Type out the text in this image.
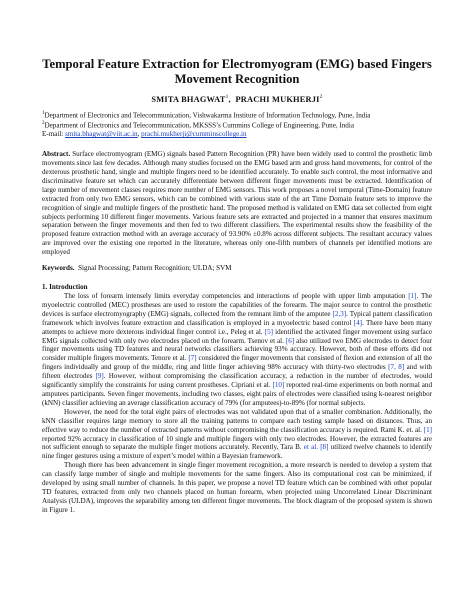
Temporal Feature Extraction for Electromyogram (EMG) based Fingers Movement Recognition
SMITA BHAGWAT$^1$,  PRACHI MUKHERJI$^2$
$^1$Department of Electronics and Telecommunication, Vishwakarma Institute of Information Technology, Pune, India
$^2$Department of Electronics and Telecommunication, MKSSS’s Cummins College of Engineering, Pune, India
E-mail: smita.bhagwat@viit.ac.in, prachi.mukherji@cumminscollege.in

Abstract. Surface electromyogram (EMG) signals based Pattern Recognition (PR) have been widely used to control the prosthetic limb movements since last few decades. Although many studies focused on the EMG based arm and gross hand movements, for control of the dexterous prosthetic hand, single and multiple fingers need to be identified accurately. To enable such control, the most informative and discriminative feature set which can accurately differentiate between different finger movements must be extracted. Identification of large number of movement classes requires more number of EMG sensors. This work proposes a novel temporal (Time-Domain) feature extracted from only two EMG sensors, which can be combined with various state of the art Time Domain feature sets to improve the recognition of single and multiple fingers of the prosthetic hand. The proposed method is validated on EMG data set collected from eight subjects performing 10 different finger movements. Various feature sets are extracted and projected in a manner that ensures maximum separation between the finger movements and then fed to two different classifiers. The experimental results show the feasibility of the proposed feature extraction method with an average accuracy of 93.90% ±0.8% across different subjects. The resultant accuracy values are improved over the existing one reported in the literature, whereas only one-fifth numbers of channels per identified motions are employed

Keywords. Signal Processing; Pattern Recognition; ULDA; SVM
1. Introduction

The loss of forearm intensely limits everyday competencies and interactions of people with upper limb amputation [1]. The myoelectric controlled (MEC) prostheses are used to restore the capabilities of the forearm. The major source to control the prosthetic devices is surface electromyography (EMG) signals, collected from the remnant limb of the amputee [2,3]. Typical pattern classification framework which involves feature extraction and classification is employed in a myoelectric based control [4]. There have been many attempts to achieve more dexterous individual finger control i.e., Peleg et al. [5] identified the activated finger movement using surface EMG signals collected with only two electrodes placed on the forearm. Tsenov et al. [6] also utilized two EMG electrodes to detect four finger movements using TD features and neural networks classifiers achieving 93% accuracy. However, both of these efforts did not consider multiple fingers movements. Tenore et al. [7] considered the finger movements that consisted of flexion and extension of all the fingers individually and group of the middle, ring and little finger achieving 98% accuracy with thirty-two electrodes [7, 8] and with fifteen electrodes [9]. However, without compromising the classification accuracy, a reduction in the number of electrodes, would significantly simplify the constraints for using current prostheses. Cipriani et al. [10] reported real-time experiments on both normal and amputees participants. Seven finger movements, including two classes, eight pairs of electrodes were classified using k-nearest neighbor (kNN) classifier achieving an average classification accuracy of 79% (for amputees)-to-89% (for normal subjects.

However, the need for the total eight pairs of electrodes was not validated upon that of a smaller combination. Additionally, the kNN classifier requires large memory to store all the training patterns to compare each testing sample based on distances. Thus, an effective way to reduce the number of extracted patterns without compromising the classification accuracy is required. Rami K. et. al. [1] reported 92% accuracy in classification of 10 single and multiple fingers with only two electrodes. However, the extracted features are not sufficient enough to separate the multiple finger motions accurately. Recently, Tara B. et al. [8] utilized twelve channels to identify nine finger gestures using a mixture of expert’s model within a Bayesian framework.

Though there has been advancement in single finger movement recognition, a more research is needed to develop a system that can classify large number of single and multiple movements for the same fingers. Also its computational cost can be minimized, if developed by using small number of channels. In this paper, we propose a novel TD feature which can be combined with other popular TD features, extracted from only two channels placed on human forearm, when projected using Uncorrelated Linear Discriminant Analysis (ULDA), improves the separability among ten different finger movements. The block diagram of the proposed system is shown in Figure 1.
